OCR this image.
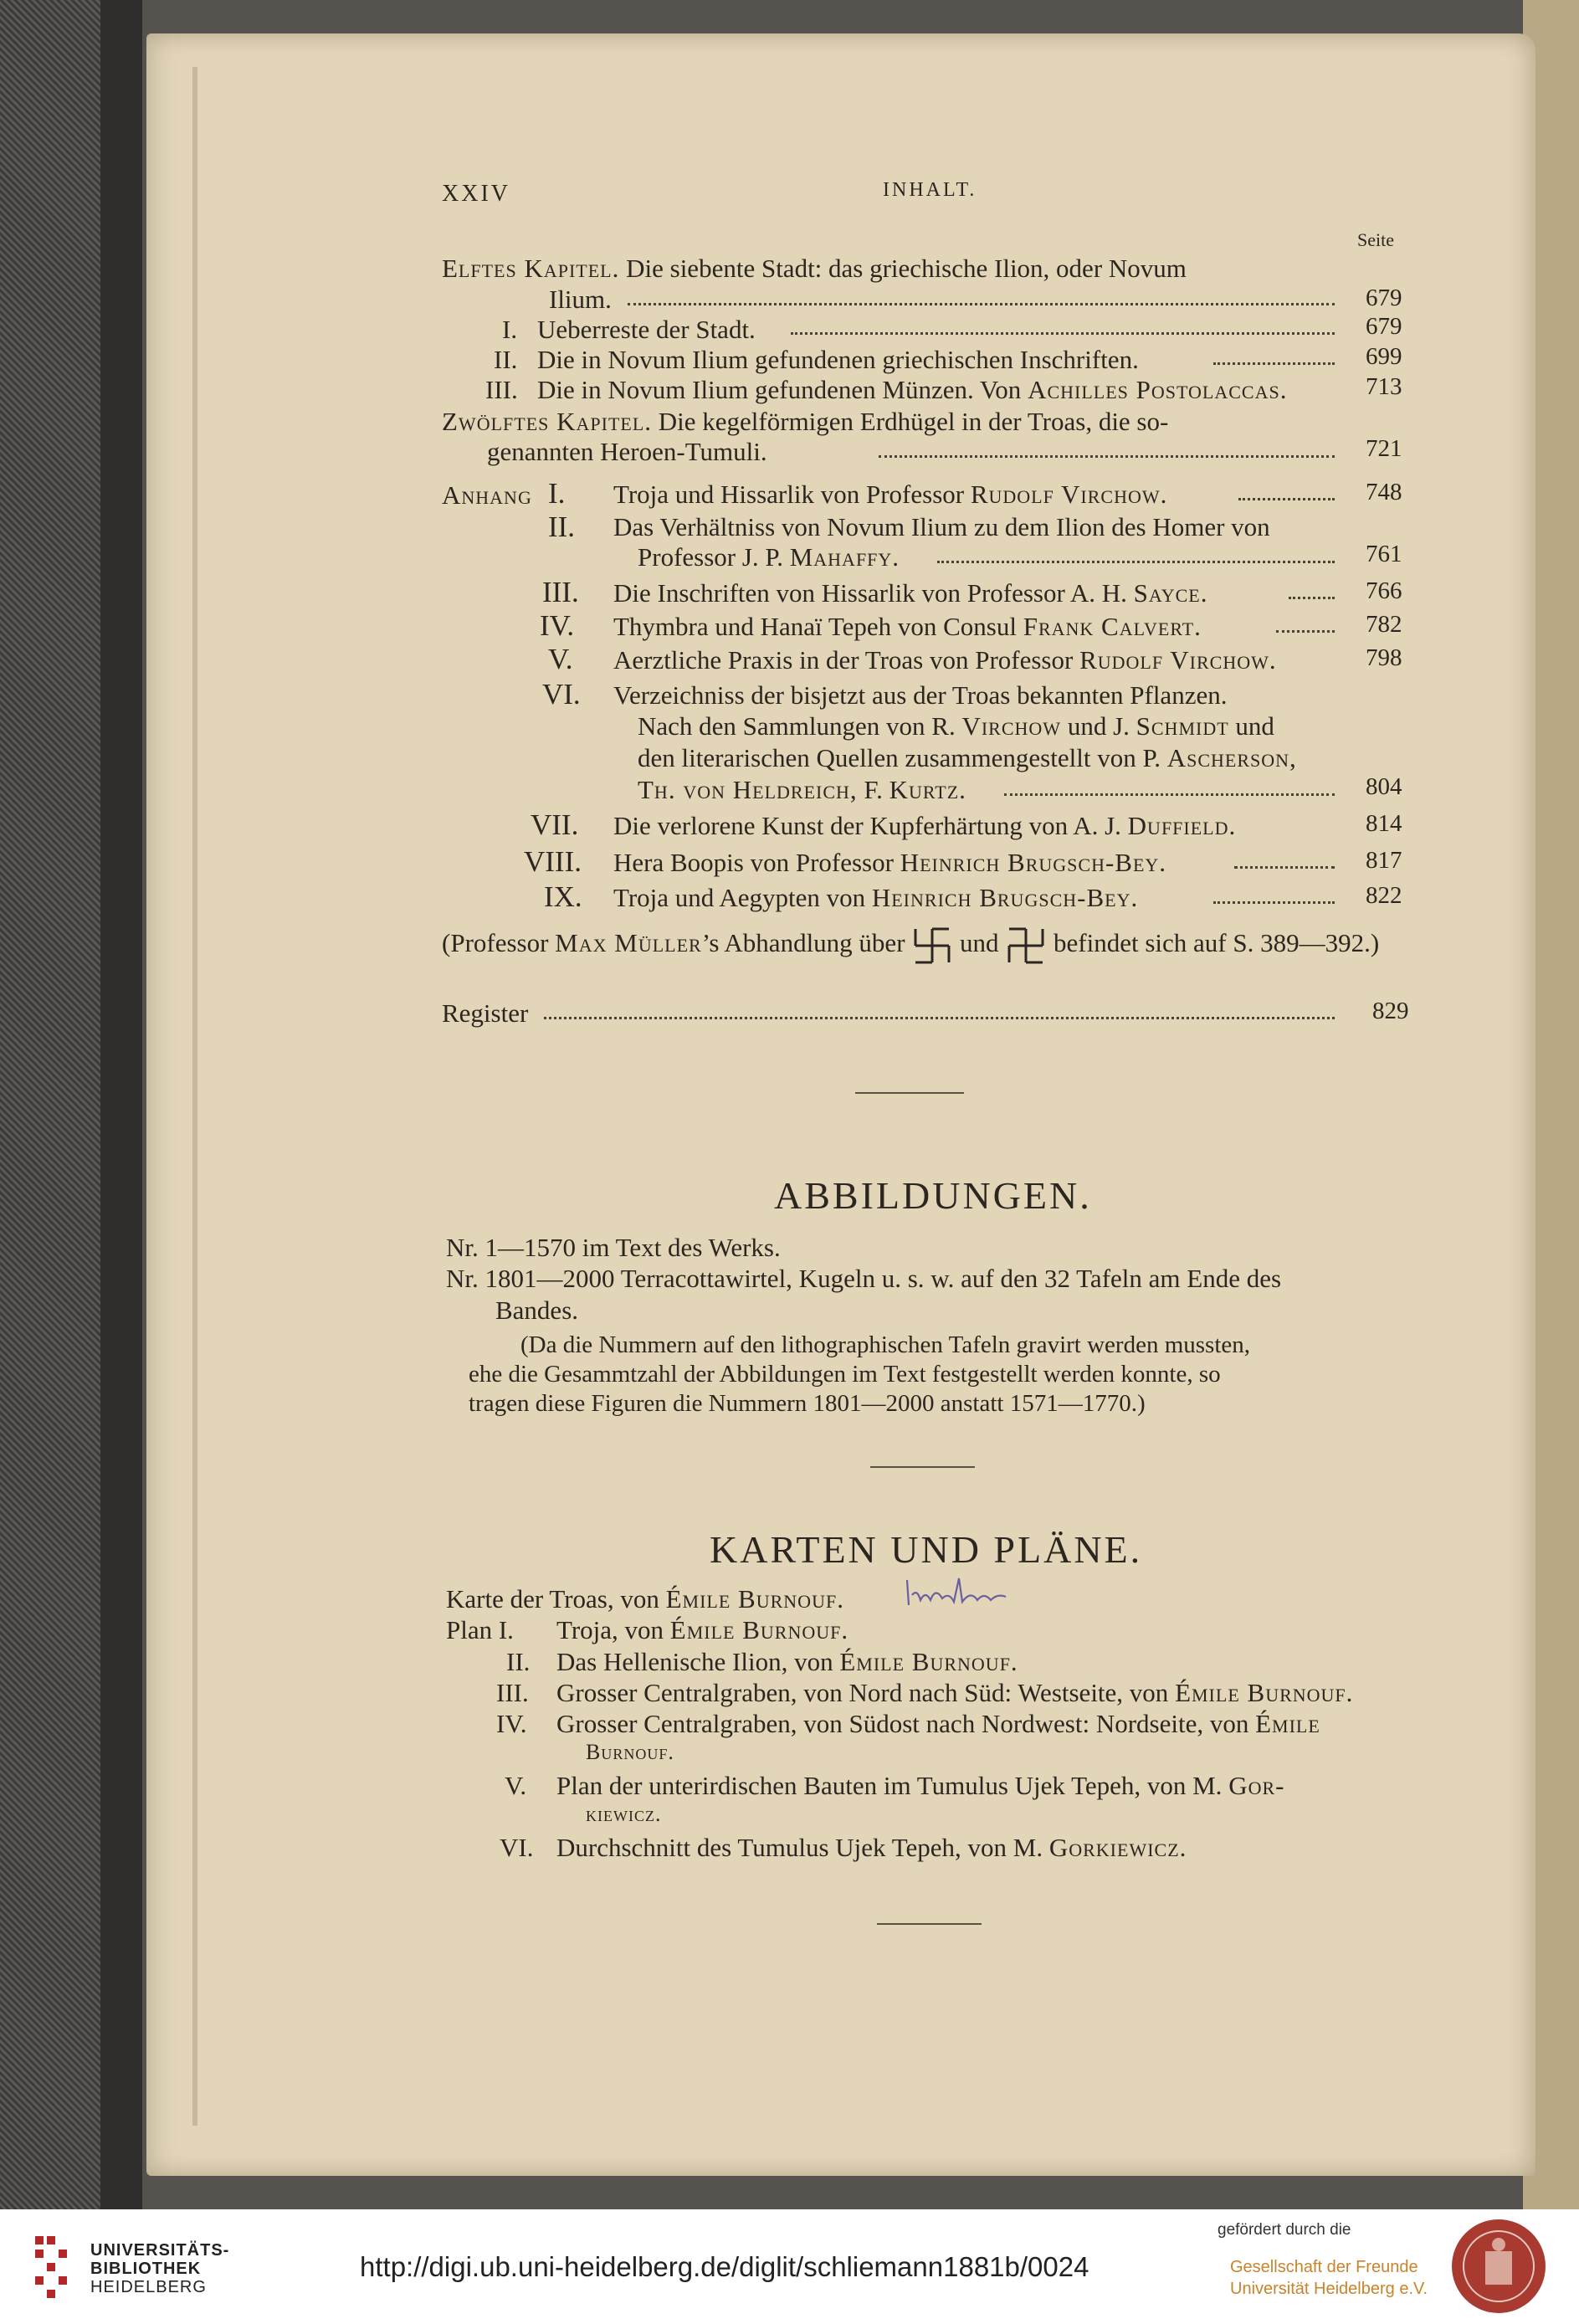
XXIV	INHALT.
Seite
Elftes Kapitel. Die siebente Stadt: das griechische Ilion, oder Novum
Ilium.	679
I. Ueberreste der Stadt.	679
II. Die in Novum Ilium gefundenen griechischen Inschriften.	699
III. Die in Novum Ilium gefundenen Münzen. Von Achilles Postolaccas.	713
Zwölftes Kapitel. Die kegelförmigen Erdhügel in der Troas, die so-
genannten Heroen-Tumuli.	721
Anhang I. Troja und Hissarlik von Professor Rudolf Virchow.	748
II. Das Verhältniss von Novum Ilium zu dem Ilion des Homer von
Professor J. P. Mahaffy.	761
III. Die Inschriften von Hissarlik von Professor A. H. Sayce.	766
IV. Thymbra und Hanaï Tepeh von Consul Frank Calvert.	782
V. Aerztliche Praxis in der Troas von Professor Rudolf Virchow.	798
VI. Verzeichniss der bisjetzt aus der Troas bekannten Pflanzen.
Nach den Sammlungen von R. Virchow und J. Schmidt und
den literarischen Quellen zusammengestellt von P. Ascherson,
Th. von Heldreich, F. Kurtz.	804
VII. Die verlorene Kunst der Kupferhärtung von A. J. Duffield.	814
VIII. Hera Boopis von Professor Heinrich Brugsch-Bey.	817
IX. Troja und Aegypten von Heinrich Brugsch-Bey.	822
(Professor Max Müller’s Abhandlung über und befindet sich auf S. 389—392.)
Register	829
ABBILDUNGEN.
Nr. 1—1570 im Text des Werks.
Nr. 1801—2000 Terracottawirtel, Kugeln u. s. w. auf den 32 Tafeln am Ende des
Bandes.
(Da die Nummern auf den lithographischen Tafeln gravirt werden mussten,
ehe die Gesammtzahl der Abbildungen im Text festgestellt werden konnte, so
tragen diese Figuren die Nummern 1801—2000 anstatt 1571—1770.)
KARTEN UND PLÄNE.
Karte der Troas, von Émile Burnouf.
Plan I. Troja, von Émile Burnouf.
II. Das Hellenische Ilion, von Émile Burnouf.
III. Grosser Centralgraben, von Nord nach Süd: Westseite, von Émile Burnouf.
IV. Grosser Centralgraben, von Südost nach Nordwest: Nordseite, von Émile
Burnouf.
V. Plan der unterirdischen Bauten im Tumulus Ujek Tepeh, von M. Gor-
kiewicz.
VI. Durchschnitt des Tumulus Ujek Tepeh, von M. Gorkiewicz.
UNIVERSITÄTS-
BIBLIOTHEK
HEIDELBERG
http://digi.ub.uni-heidelberg.de/diglit/schliemann1881b/0024
gefördert durch die
Gesellschaft der Freunde
Universität Heidelberg e.V.
